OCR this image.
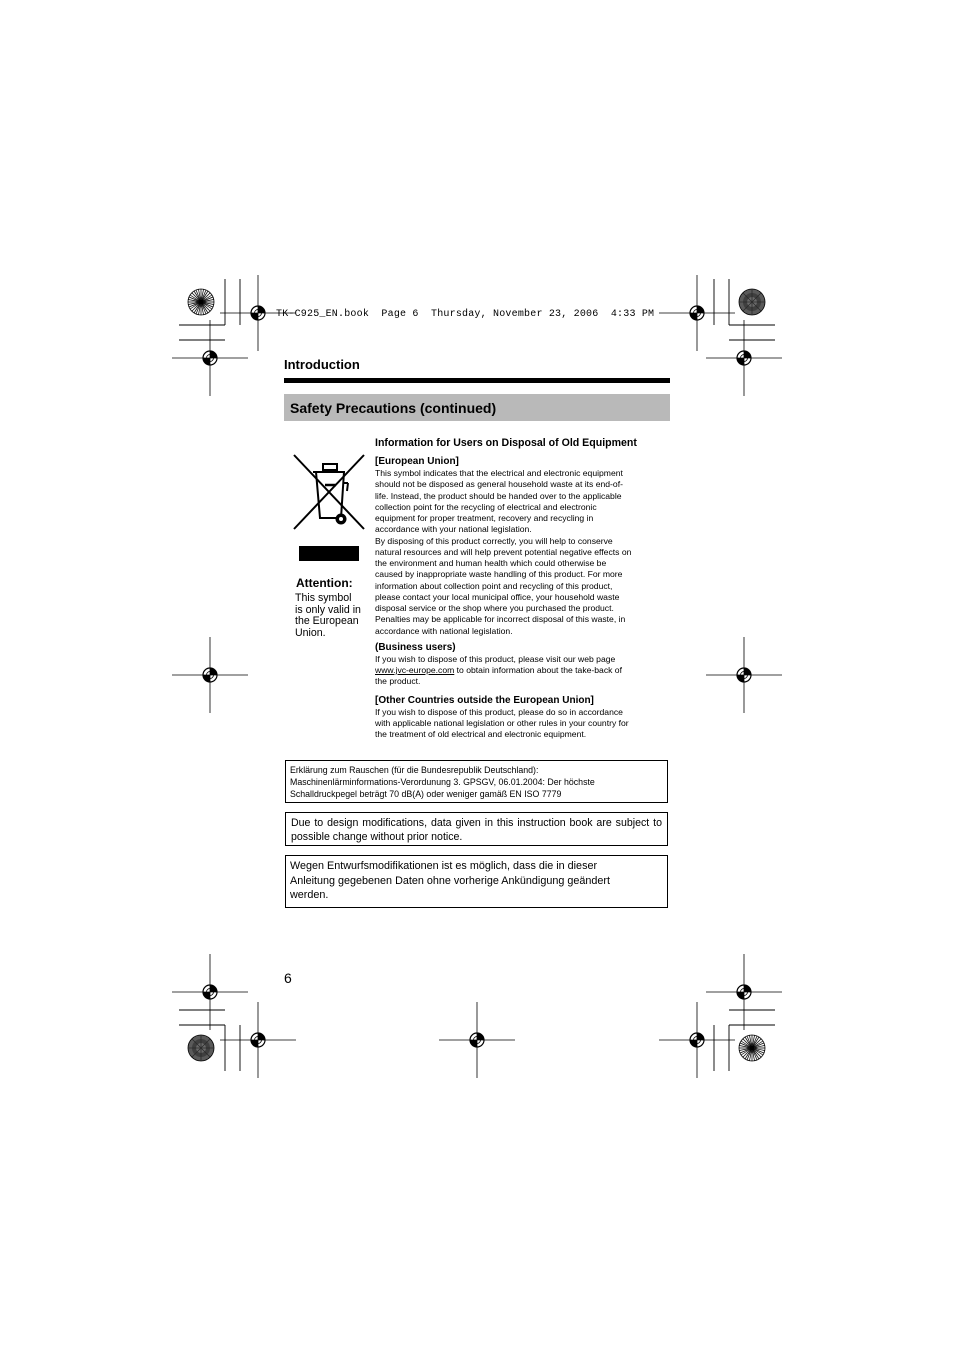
TK-C925_EN.book  Page 6  Thursday, November 23, 2006  4:33 PM
Introduction
Safety Precautions (continued)
Attention:
This symbol
is only valid in
the European
Union.

Information for Users on Disposal of Old Equipment

[European Union]

This symbol indicates that the electrical and electronic equipment

should not be disposed as general household waste at its end-of-

life. Instead, the product should be handed over to the applicable

collection point for the recycling of electrical and electronic

equipment for proper treatment, recovery and recycling in

accordance with your national legislation.

By disposing of this product correctly, you will help to conserve

natural resources and will help prevent potential negative effects on

the environment and human health which could otherwise be

caused by inappropriate waste handling of this product. For more

information about collection point and recycling of this product,

please contact your local municipal office, your household waste

disposal service or the shop where you purchased the product.

Penalties may be applicable for incorrect disposal of this waste, in

accordance with national legislation.

(Business users)

If you wish to dispose of this product, please visit our web page

www.jvc-europe.com to obtain information about the take-back of

the product.

[Other Countries outside the European Union]

If you wish to dispose of this product, please do so in accordance

with applicable national legislation or other rules in your country for

the treatment of old electrical and electronic equipment.

Erklärung zum Rauschen (für die Bundesrepublik Deutschland):
Maschinenlärminformations-Verordunung 3. GPSGV, 06.01.2004: Der höchste
Schalldruckpegel beträgt 70 dB(A) oder weniger gamäß EN ISO 7779
Due to design modifications, data given in this instruction book are subject to possible change without prior notice.
Wegen Entwurfsmodifikationen ist es möglich, dass die in dieser
Anleitung gegebenen Daten ohne vorherige Ankündigung geändert
werden.
6
